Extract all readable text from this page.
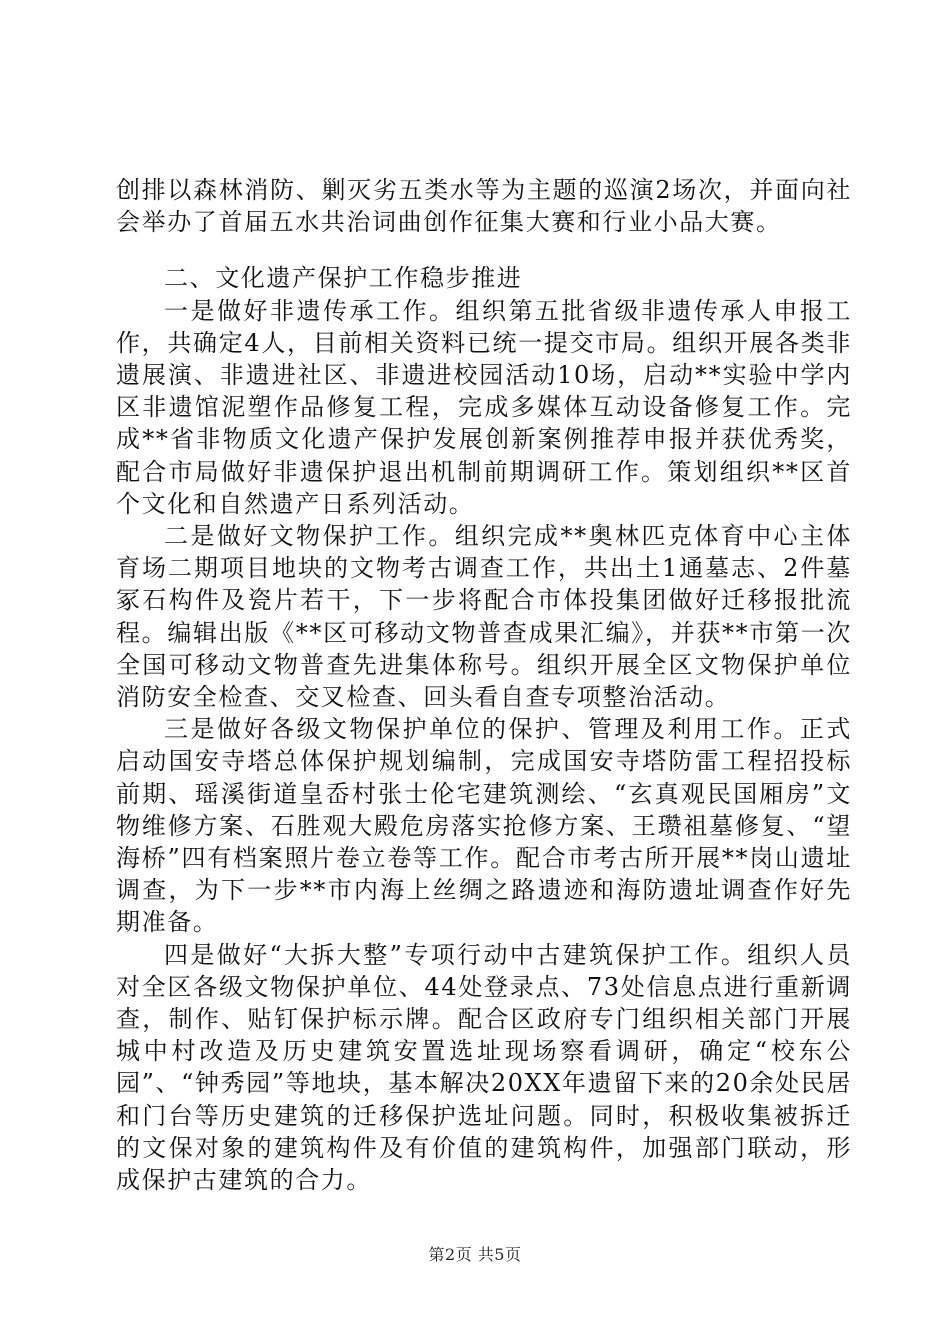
创排以森林消防、剿灭劣五类水等为主题的巡演2场次，并面向社会举办了首届五水共治词曲创作征集大赛和行业小品大赛。

二、文化遗产保护工作稳步推进

一是做好非遗传承工作。组织第五批省级非遗传承人申报工作，共确定4人，目前相关资料已统一提交市局。组织开展各类非遗展演、非遗进社区、非遗进校园活动10场，启动**实验中学内区非遗馆泥塑作品修复工程，完成多媒体互动设备修复工作。完成**省非物质文化遗产保护发展创新案例推荐申报并获优秀奖，配合市局做好非遗保护退出机制前期调研工作。策划组织**区首个文化和自然遗产日系列活动。

二是做好文物保护工作。组织完成**奥林匹克体育中心主体育场二期项目地块的文物考古调查工作，共出土1通墓志、2件墓冢石构件及瓷片若干，下一步将配合市体投集团做好迁移报批流程。编辑出版《**区可移动文物普查成果汇编》，并获**市第一次全国可移动文物普查先进集体称号。组织开展全区文物保护单位消防安全检查、交叉检查、回头看自查专项整治活动。

三是做好各级文物保护单位的保护、管理及利用工作。正式启动国安寺塔总体保护规划编制，完成国安寺塔防雷工程招投标前期、瑶溪街道皇岙村张士伦宅建筑测绘、“玄真观民国厢房”文物维修方案、石胜观大殿危房落实抢修方案、王瓒祖墓修复、“望海桥”四有档案照片卷立卷等工作。配合市考古所开展**岗山遗址调查，为下一步**市内海上丝绸之路遗迹和海防遗址调查作好先期准备。

四是做好“大拆大整”专项行动中古建筑保护工作。组织人员对全区各级文物保护单位、44处登录点、73处信息点进行重新调查，制作、贴钉保护标示牌。配合区政府专门组织相关部门开展城中村改造及历史建筑安置选址现场察看调研，确定“校东公园”、“钟秀园”等地块，基本解决20XX年遗留下来的20余处民居和门台等历史建筑的迁移保护选址问题。同时，积极收集被拆迁的文保对象的建筑构件及有价值的建筑构件，加强部门联动，形成保护古建筑的合力。

第2页 共5页
